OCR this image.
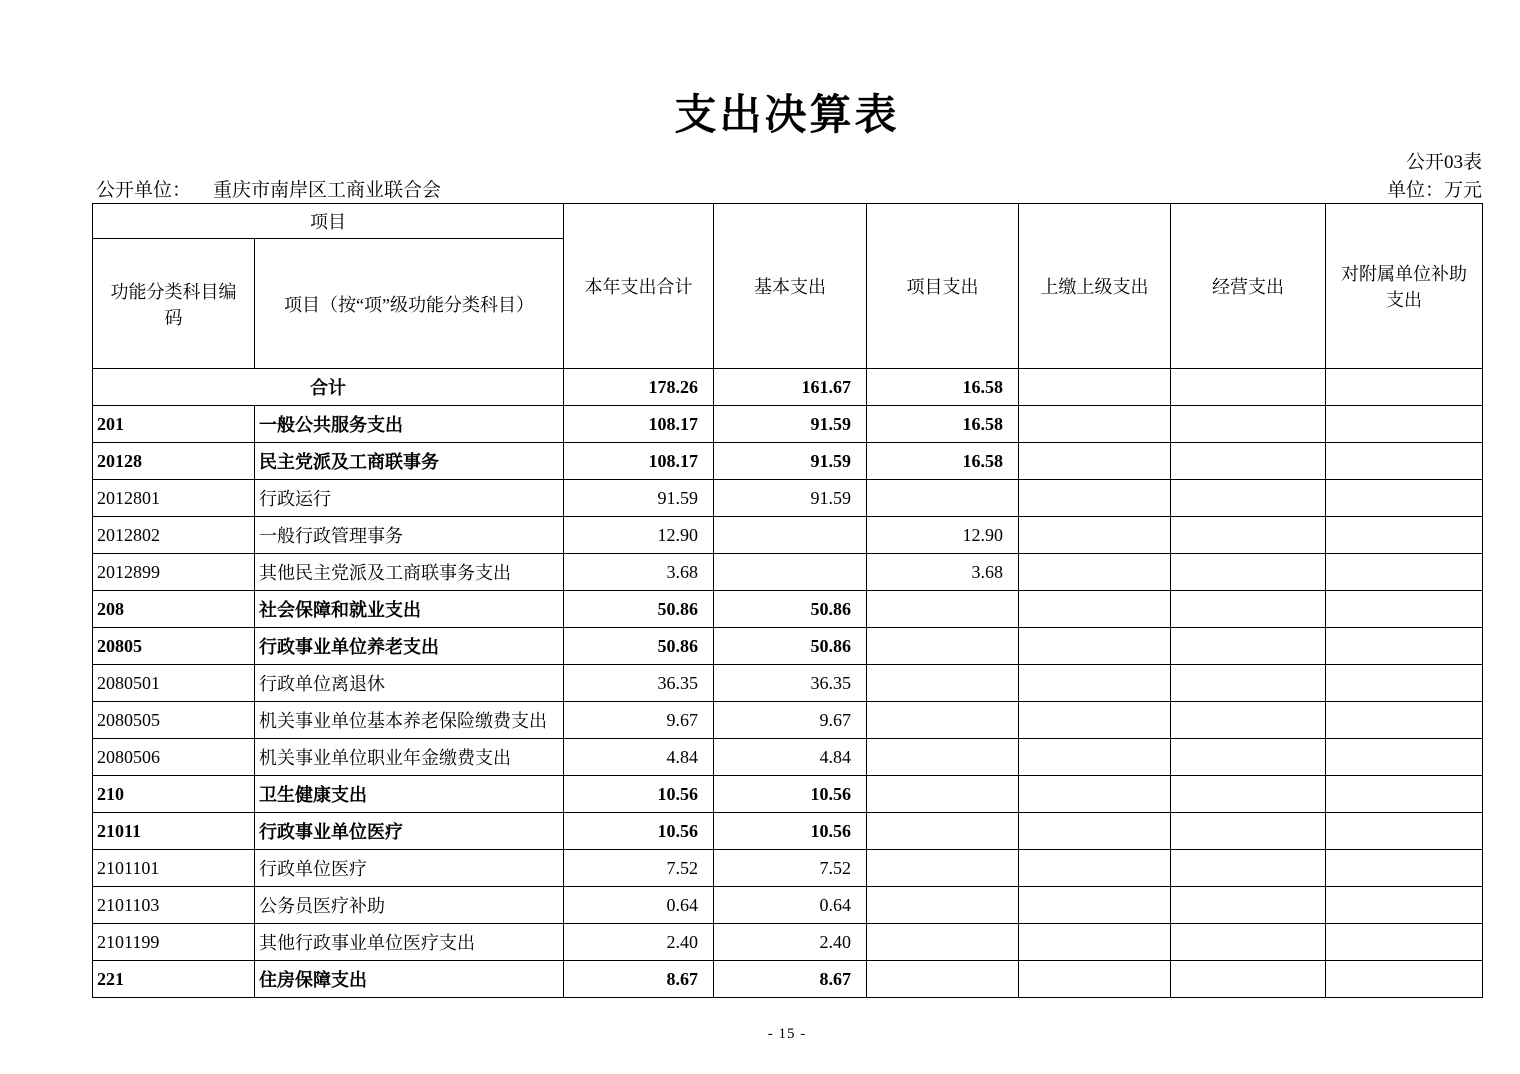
支出决算表
公开03表
公开单位： 重庆市南岸区工商业联合会	单位：万元
项目		本年支出合计	基本支出	项目支出	上缴上级支出	经营支出	对附属单位补助支出
功能分类科目编码	项目（按“项”级功能分类科目）						
合计		178.26	161.67	16.58			
201	一般公共服务支出	108.17	91.59	16.58			
20128	民主党派及工商联事务	108.17	91.59	16.58			
2012801	行政运行	91.59	91.59				
2012802	一般行政管理事务	12.90		12.90			
2012899	其他民主党派及工商联事务支出	3.68		3.68			
208	社会保障和就业支出	50.86	50.86				
20805	行政事业单位养老支出	50.86	50.86				
2080501	行政单位离退休	36.35	36.35				
2080505	机关事业单位基本养老保险缴费支出	9.67	9.67				
2080506	机关事业单位职业年金缴费支出	4.84	4.84				
210	卫生健康支出	10.56	10.56				
21011	行政事业单位医疗	10.56	10.56				
2101101	行政单位医疗	7.52	7.52				
2101103	公务员医疗补助	0.64	0.64				
2101199	其他行政事业单位医疗支出	2.40	2.40				
221	住房保障支出	8.67	8.67				
- 15 -
